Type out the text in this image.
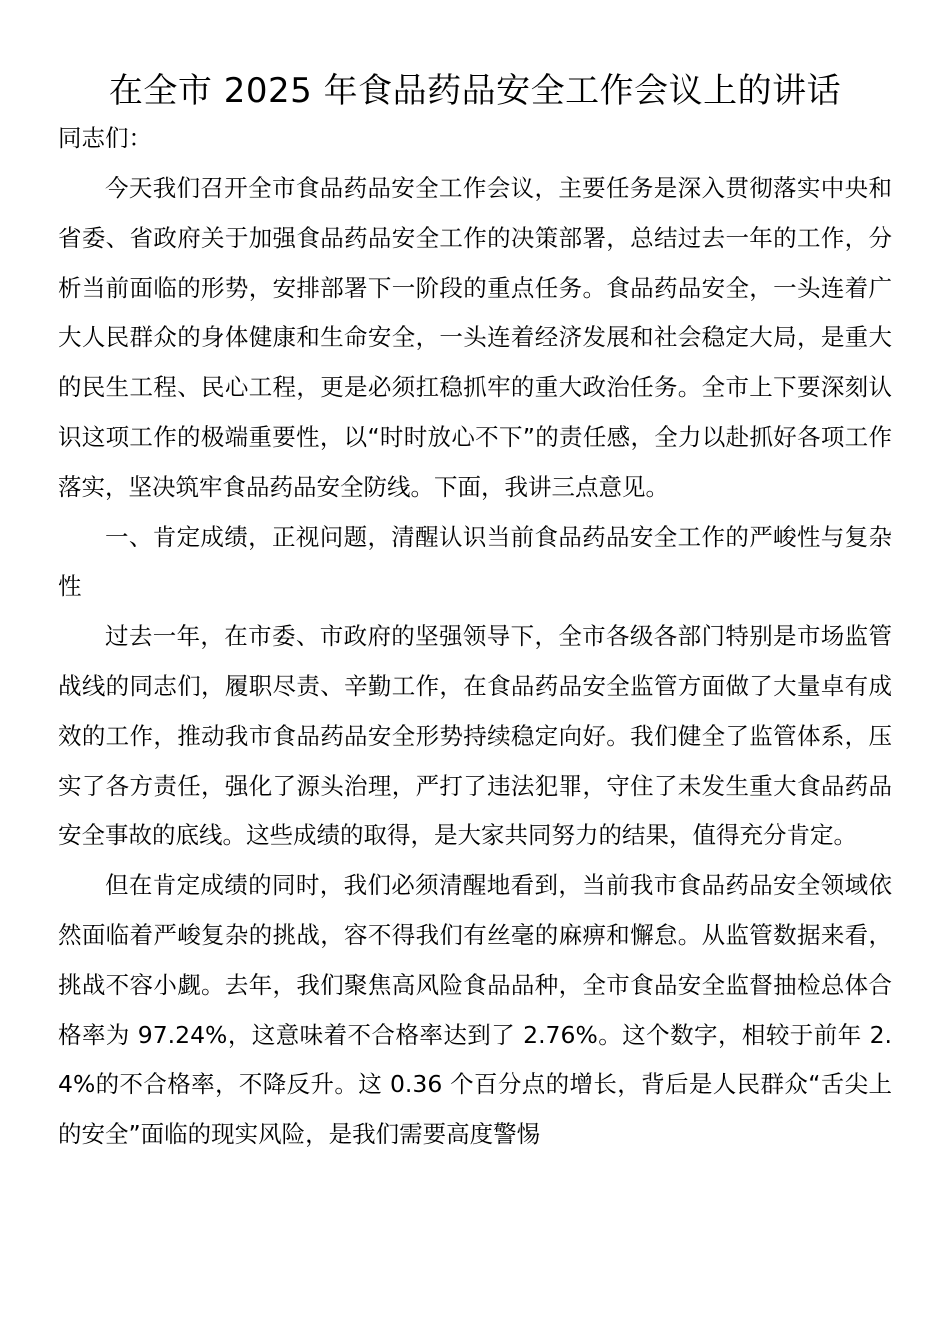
在全市 2025 年食品药品安全工作会议上的讲话

同志们：

今天我们召开全市食品药品安全工作会议，主要任务是深入贯彻落实中央和省委、省政府关于加强食品药品安全工作的决策部署，总结过去一年的工作，分析当前面临的形势，安排部署下一阶段的重点任务。食品药品安全，一头连着广大人民群众的身体健康和生命安全，一头连着经济发展和社会稳定大局，是重大的民生工程、民心工程，更是必须扛稳抓牢的重大政治任务。全市上下要深刻认识这项工作的极端重要性，以“时时放心不下”的责任感，全力以赴抓好各项工作落实，坚决筑牢食品药品安全防线。下面，我讲三点意见。

一、肯定成绩，正视问题，清醒认识当前食品药品安全工作的严峻性与复杂性

过去一年，在市委、市政府的坚强领导下，全市各级各部门特别是市场监管战线的同志们，履职尽责、辛勤工作，在食品药品安全监管方面做了大量卓有成效的工作，推动我市食品药品安全形势持续稳定向好。我们健全了监管体系，压实了各方责任，强化了源头治理，严打了违法犯罪，守住了未发生重大食品药品安全事故的底线。这些成绩的取得，是大家共同努力的结果，值得充分肯定。

但在肯定成绩的同时，我们必须清醒地看到，当前我市食品药品安全领域依然面临着严峻复杂的挑战，容不得我们有丝毫的麻痹和懈怠。从监管数据来看，挑战不容小觑。去年，我们聚焦高风险食品品种，全市食品安全监督抽检总体合格率为 97.24%，这意味着不合格率达到了 2.76%。这个数字，相较于前年 2.4%的不合格率，不降反升。这 0.36 个百分点的增长，背后是人民群众“舌尖上的安全”面临的现实风险，是我们需要高度警惕
